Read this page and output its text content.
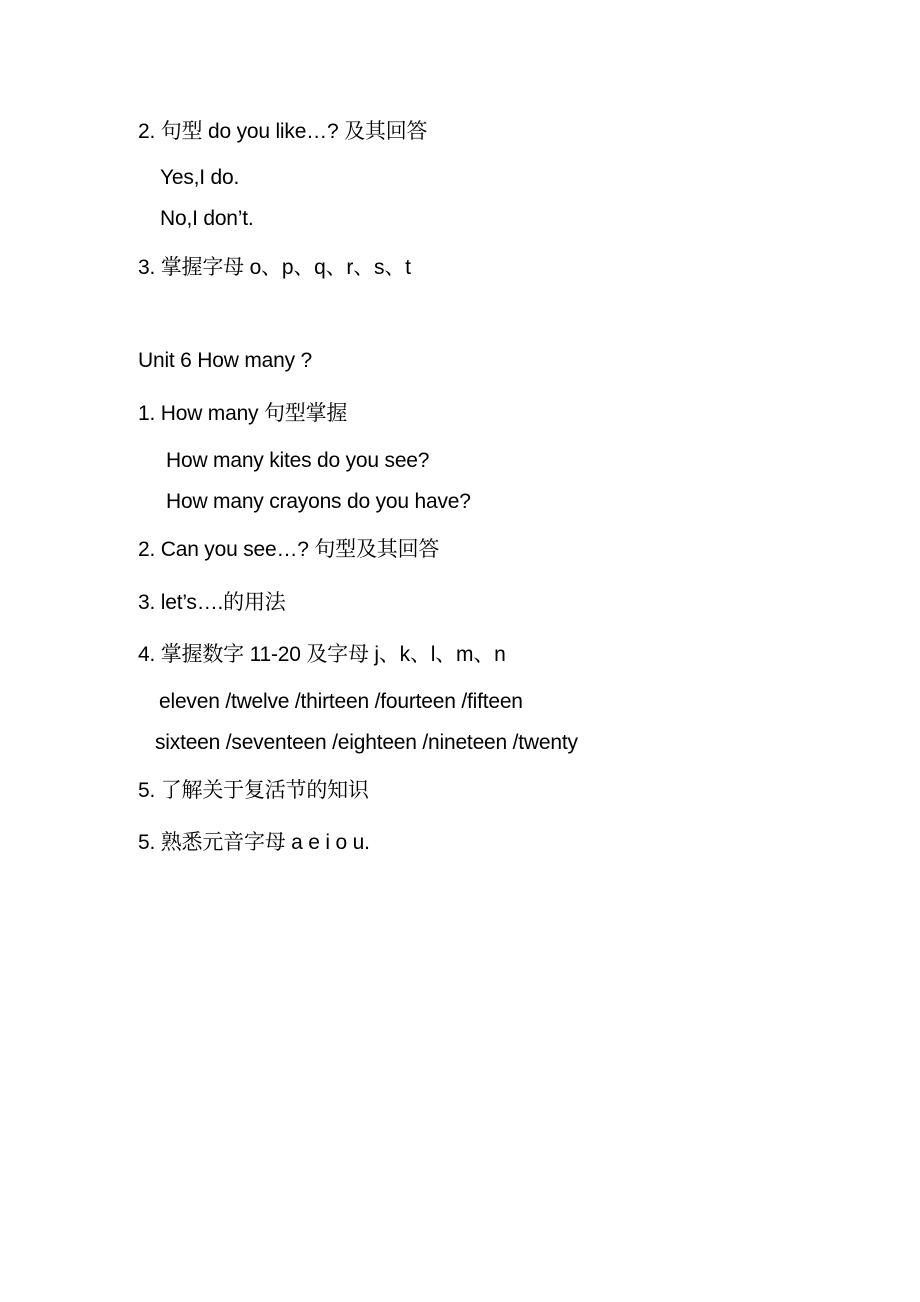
2. 句型 do you like…? 及其回答
Yes,I do.
No,I don’t.
3. 掌握字母 o、p、q、r、s、t
Unit 6 How many ?
1. How many 句型掌握
How many kites do you see?
How many crayons do you have?
2. Can you see…? 句型及其回答
3. let’s….的用法
4. 掌握数字 11-20 及字母 j、k、l、m、n
eleven /twelve /thirteen /fourteen /fifteen
sixteen /seventeen /eighteen /nineteen /twenty
5. 了解关于复活节的知识
5. 熟悉元音字母 a e i o u.
